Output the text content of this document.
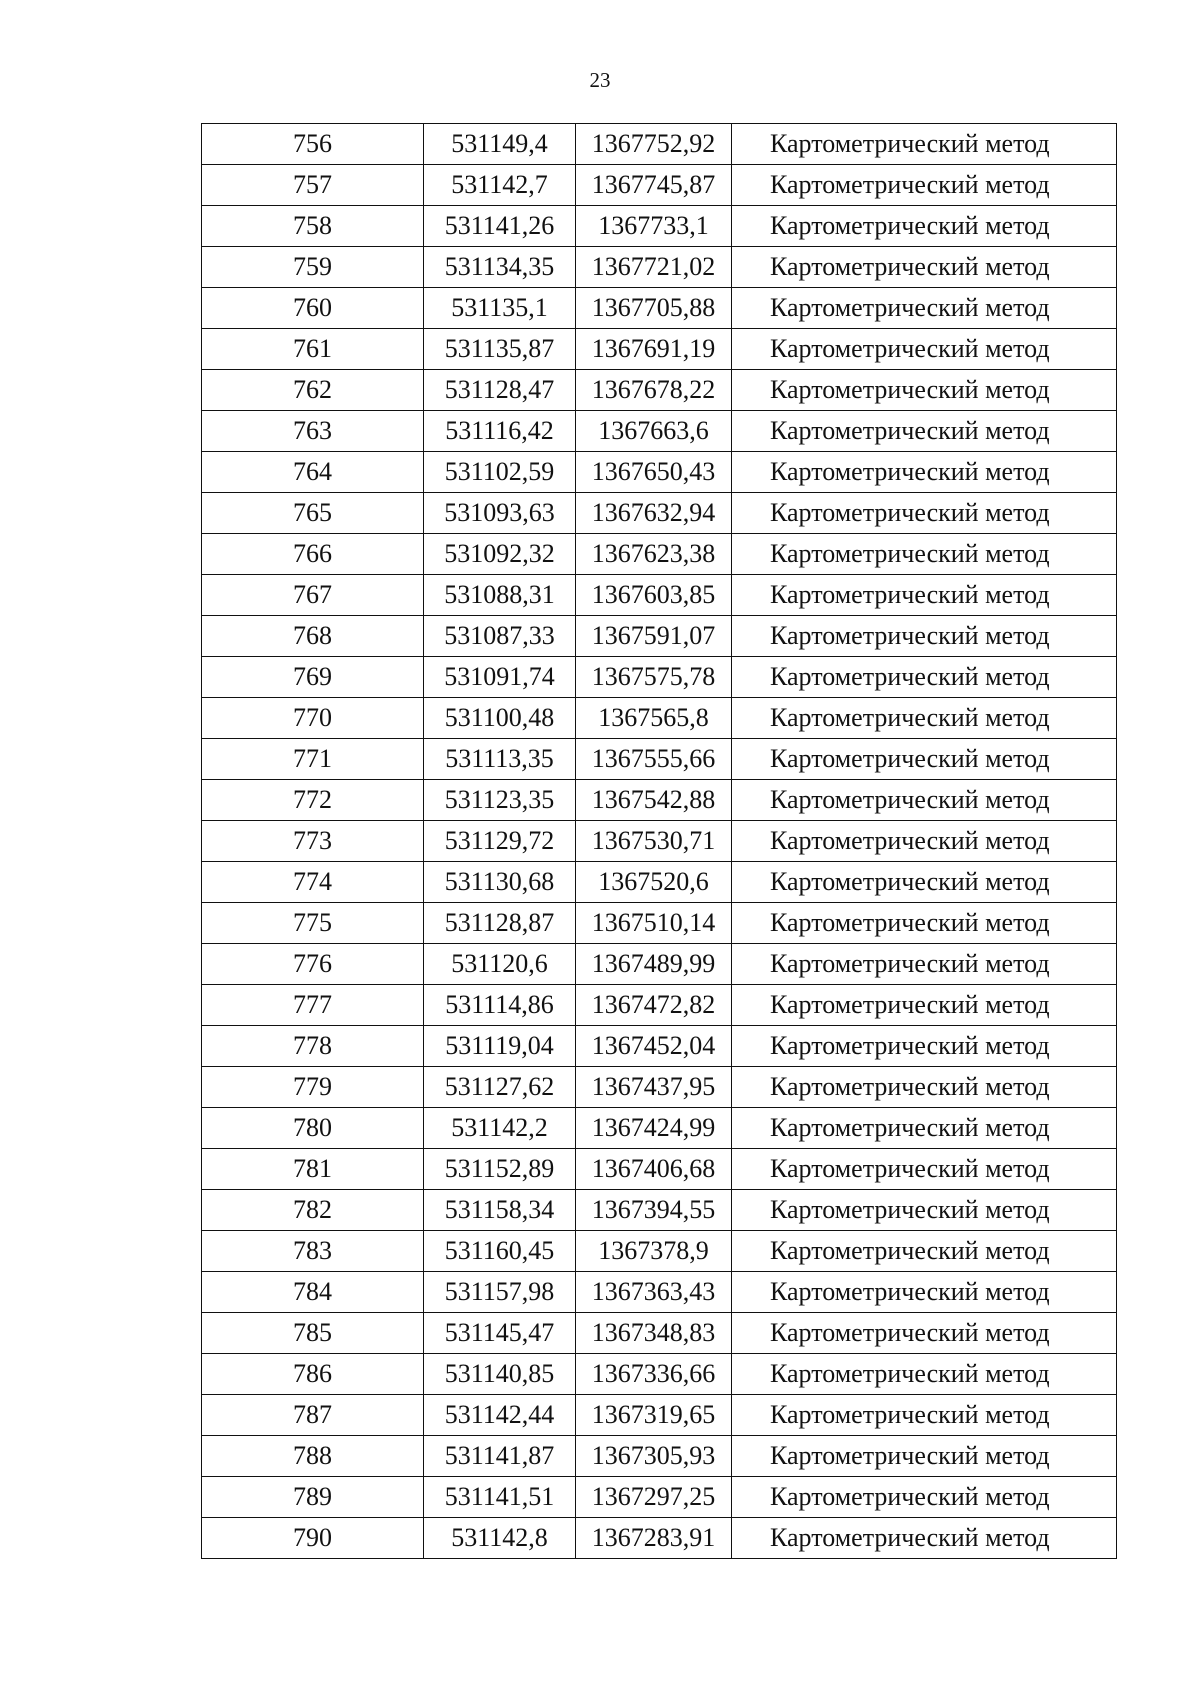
23
756	531149,4	1367752,92	Картометрический метод
757	531142,7	1367745,87	Картометрический метод
758	531141,26	1367733,1	Картометрический метод
759	531134,35	1367721,02	Картометрический метод
760	531135,1	1367705,88	Картометрический метод
761	531135,87	1367691,19	Картометрический метод
762	531128,47	1367678,22	Картометрический метод
763	531116,42	1367663,6	Картометрический метод
764	531102,59	1367650,43	Картометрический метод
765	531093,63	1367632,94	Картометрический метод
766	531092,32	1367623,38	Картометрический метод
767	531088,31	1367603,85	Картометрический метод
768	531087,33	1367591,07	Картометрический метод
769	531091,74	1367575,78	Картометрический метод
770	531100,48	1367565,8	Картометрический метод
771	531113,35	1367555,66	Картометрический метод
772	531123,35	1367542,88	Картометрический метод
773	531129,72	1367530,71	Картометрический метод
774	531130,68	1367520,6	Картометрический метод
775	531128,87	1367510,14	Картометрический метод
776	531120,6	1367489,99	Картометрический метод
777	531114,86	1367472,82	Картометрический метод
778	531119,04	1367452,04	Картометрический метод
779	531127,62	1367437,95	Картометрический метод
780	531142,2	1367424,99	Картометрический метод
781	531152,89	1367406,68	Картометрический метод
782	531158,34	1367394,55	Картометрический метод
783	531160,45	1367378,9	Картометрический метод
784	531157,98	1367363,43	Картометрический метод
785	531145,47	1367348,83	Картометрический метод
786	531140,85	1367336,66	Картометрический метод
787	531142,44	1367319,65	Картометрический метод
788	531141,87	1367305,93	Картометрический метод
789	531141,51	1367297,25	Картометрический метод
790	531142,8	1367283,91	Картометрический метод
